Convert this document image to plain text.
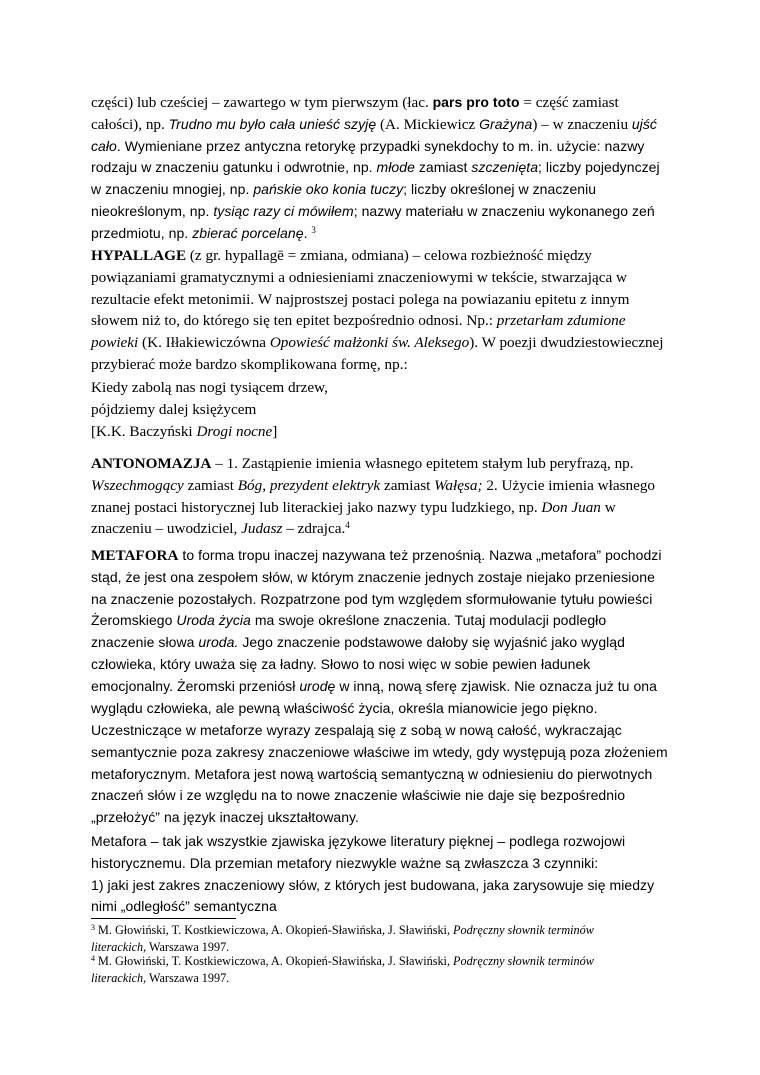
części) lub cześciej – zawartego w tym pierwszym (łac. pars pro toto = część zamiast całości), np. Trudno mu było cała unieść szyję (A. Mickiewicz Grażyna) – w znaczeniu ujść cało. Wymieniane przez antyczna retorykę przypadki synekdochy to m. in. użycie: nazwy rodzaju w znaczeniu gatunku i odwrotnie, np. młode zamiast szczenięta; liczby pojedynczej w znaczeniu mnogiej, np. pańskie oko konia tuczy; liczby określonej w znaczeniu nieokreślonym, np. tysiąc razy ci mówiłem; nazwy materiału w znaczeniu wykonanego zeń przedmiotu, np. zbierać porcelanę. $^3$

HYPALLAGE (z gr. hypallagē = zmiana, odmiana) – celowa rozbieżność między powiązaniami gramatycznymi a odniesieniami znaczeniowymi w tekście, stwarzająca w rezultacie efekt metonimii. W najprostszej postaci polega na powiazaniu epitetu z innym słowem niż to, do którego się ten epitet bezpośrednio odnosi. Np.: przetarłam zdumione powieki (K. Iłłakiewiczówna Opowieść małżonki św. Aleksego). W poezji dwudziestowiecznej przybierać może bardzo skomplikowana formę, np.:

Kiedy zabolą nas nogi tysiącem drzew,
pójdziemy dalej księżycem
[K.K. Baczyński Drogi nocne]

ANTONOMAZJA – 1. Zastąpienie imienia własnego epitetem stałym lub peryfrazą, np. Wszechmogący zamiast Bóg, prezydent elektryk zamiast Wałęsa; 2. Użycie imienia własnego znanej postaci historycznej lub literackiej jako nazwy typu ludzkiego, np. Don Juan w znaczeniu – uwodziciel, Judasz – zdrajca.$^4$

METAFORA to forma tropu inaczej nazywana też przenośnią. Nazwa „metafora” pochodzi stąd, że jest ona zespołem słów, w którym znaczenie jednych zostaje niejako przeniesione na znaczenie pozostałych. Rozpatrzone pod tym względem sformułowanie tytułu powieści Żeromskiego Uroda życia ma swoje określone znaczenia. Tutaj modulacji podległo znaczenie słowa uroda. Jego znaczenie podstawowe dałoby się wyjaśnić jako wygląd człowieka, który uważa się za ładny. Słowo to nosi więc w sobie pewien ładunek emocjonalny. Żeromski przeniósł urodę w inną, nową sferę zjawisk. Nie oznacza już tu ona wyglądu człowieka, ale pewną właściwość życia, określa mianowicie jego piękno.

Uczestniczące w metaforze wyrazy zespalają się z sobą w nową całość, wykraczając semantycznie poza zakresy znaczeniowe właściwe im wtedy, gdy występują poza złożeniem metaforycznym. Metafora jest nową wartością semantyczną w odniesieniu do pierwotnych znaczeń słów i ze względu na to nowe znaczenie właściwie nie daje się bezpośrednio „przełożyć” na język inaczej ukształtowany.

Metafora – tak jak wszystkie zjawiska językowe literatury pięknej – podlega rozwojowi historycznemu. Dla przemian metafory niezwykle ważne są zwłaszcza 3 czynniki:

1) jaki jest zakres znaczeniowy słów, z których jest budowana, jaka zarysowuje się miedzy nimi „odległość” semantyczna

$^3$ M. Głowiński, T. Kostkiewiczowa, A. Okopień-Sławińska, J. Sławiński, Podręczny słownik terminów literackich, Warszawa 1997.
$^4$ M. Głowiński, T. Kostkiewiczowa, A. Okopień-Sławińska, J. Sławiński, Podręczny słownik terminów literackich, Warszawa 1997.
